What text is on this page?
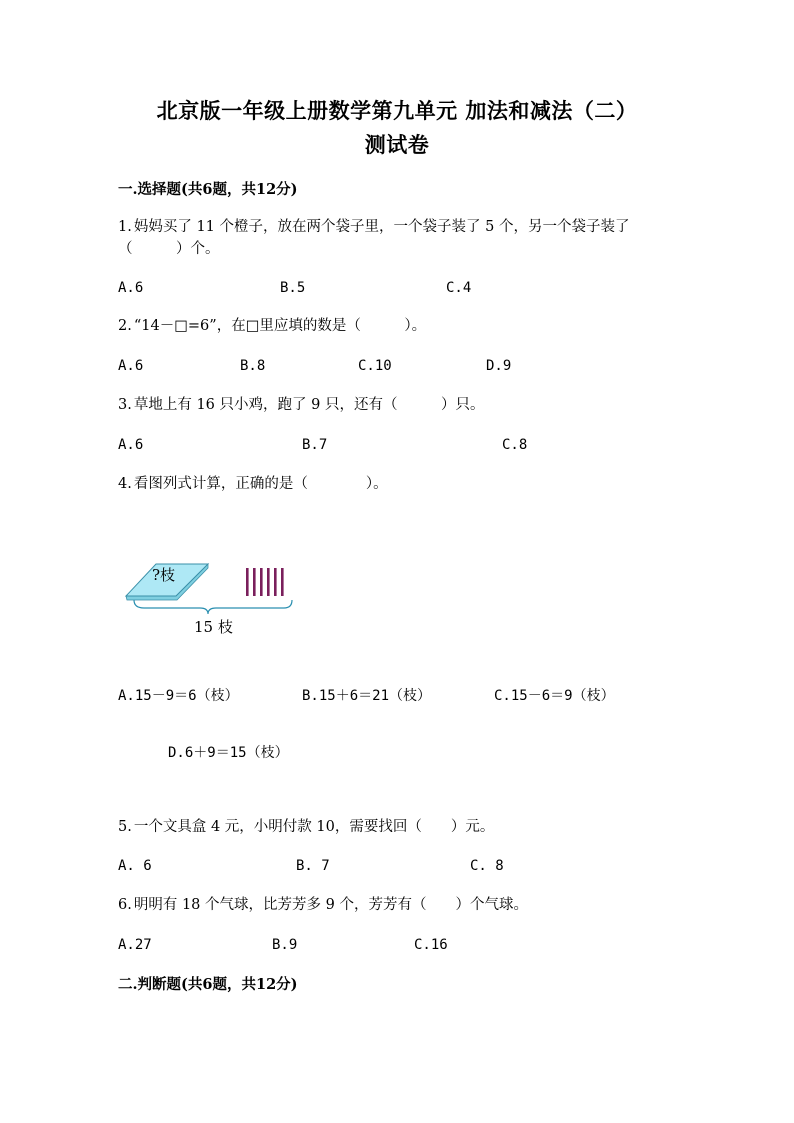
北京版一年级上册数学第九单元 加法和减法（二）
测试卷
一.选择题(共6题，共12分)
1. 妈妈买了 11 个橙子，放在两个袋子里，一个袋子装了 5 个，另一个袋子装了
（　　　）个。
A.6	B.5	C.4
2. “14－□=6”，在□里应填的数是（　　　）。
A.6	B.8	C.10	D.9
3. 草地上有 16 只小鸡，跑了 9 只，还有（　　　）只。
A.6	B.7	C.8
4. 看图列式计算，正确的是（　　　　）。
?枝
15 枝
A.15－9＝6（枝）	B.15＋6＝21（枝）	C.15－6＝9（枝）
D.6＋9＝15（枝）
5. 一个文具盒 4 元，小明付款 10，需要找回（　　）元。
A. 6	B. 7	C. 8
6. 明明有 18 个气球，比芳芳多 9 个，芳芳有（　　）个气球。
A.27	B.9	C.16
二.判断题(共6题，共12分)
